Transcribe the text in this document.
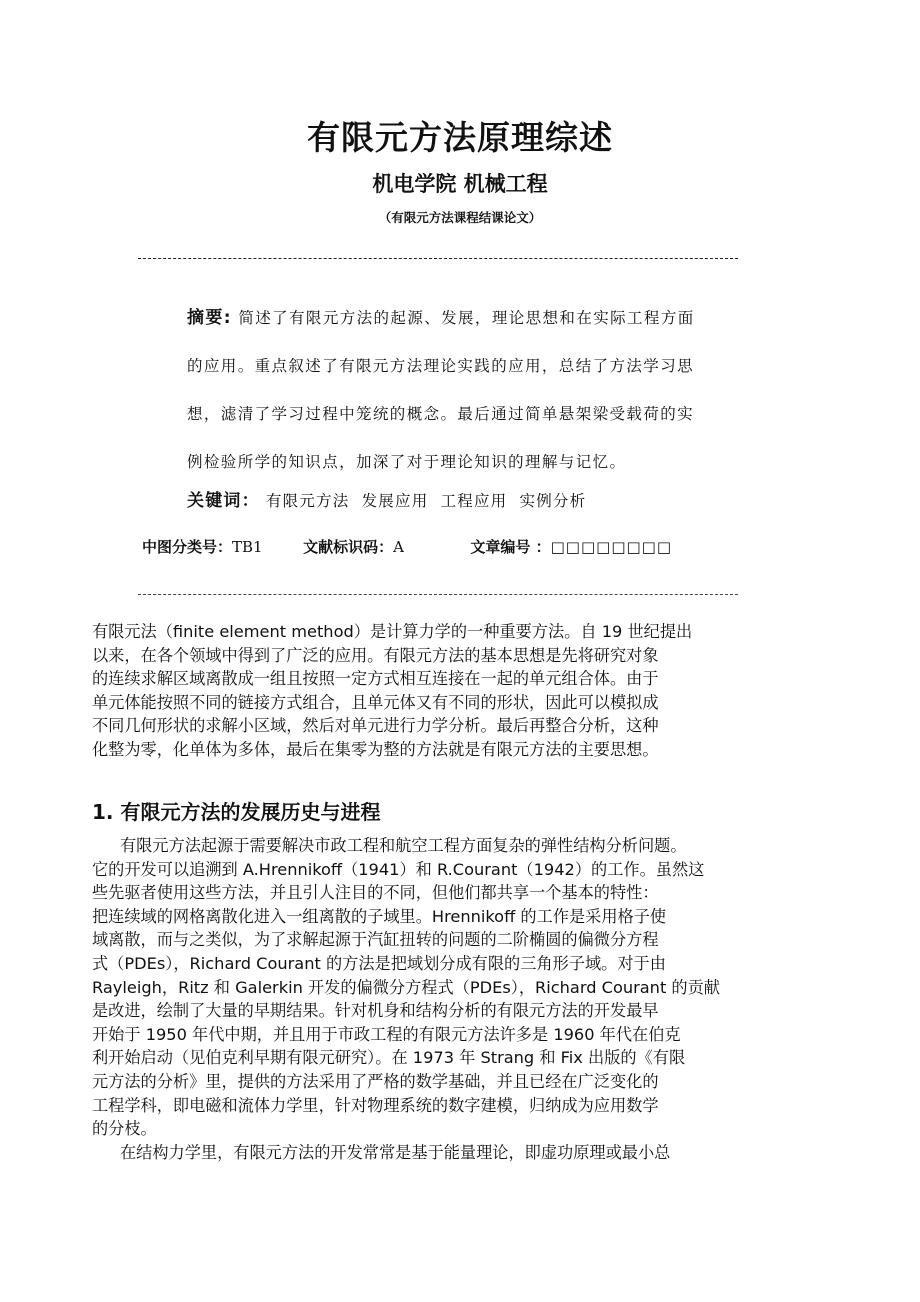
有限元方法原理综述
机电学院 机械工程
（有限元方法课程结课论文）
摘要: 简述了有限元方法的起源、发展，理论思想和在实际工程方面
的应用。重点叙述了有限元方法理论实践的应用，总结了方法学习思
想，滤清了学习过程中笼统的概念。最后通过简单悬架梁受载荷的实
例检验所学的知识点，加深了对于理论知识的理解与记忆。
关键词： 有限元方法 发展应用 工程应用 实例分析
中图分类号：TB1	文献标识码：A	文章编号 ：□□□□□□□□
有限元法（finite element method）是计算力学的一种重要方法。自 19 世纪提出
以来，在各个领域中得到了广泛的应用。有限元方法的基本思想是先将研究对象
的连续求解区域离散成一组且按照一定方式相互连接在一起的单元组合体。由于
单元体能按照不同的链接方式组合，且单元体又有不同的形状，因此可以模拟成
不同几何形状的求解小区域，然后对单元进行力学分析。最后再整合分析，这种
化整为零，化单体为多体，最后在集零为整的方法就是有限元方法的主要思想。
1. 有限元方法的发展历史与进程
有限元方法起源于需要解决市政工程和航空工程方面复杂的弹性结构分析问题。
它的开发可以追溯到 A.Hrennikoff（1941）和 R.Courant（1942）的工作。虽然这
些先驱者使用这些方法，并且引人注目的不同，但他们都共享一个基本的特性：
把连续域的网格离散化进入一组离散的子域里。Hrennikoff 的工作是采用格子使
域离散，而与之类似，为了求解起源于汽缸扭转的问题的二阶椭圆的偏微分方程
式（PDEs），Richard Courant 的方法是把域划分成有限的三角形子域。对于由
Rayleigh，Ritz 和 Galerkin 开发的偏微分方程式（PDEs），Richard Courant 的贡献
是改进，绘制了大量的早期结果。针对机身和结构分析的有限元方法的开发最早
开始于 1950 年代中期，并且用于市政工程的有限元方法许多是 1960 年代在伯克
利开始启动（见伯克利早期有限元研究）。在 1973 年 Strang 和 Fix 出版的《有限
元方法的分析》里，提供的方法采用了严格的数学基础，并且已经在广泛变化的
工程学科，即电磁和流体力学里，针对物理系统的数字建模，归纳成为应用数学
的分枝。
在结构力学里，有限元方法的开发常常是基于能量理论，即虚功原理或最小总
